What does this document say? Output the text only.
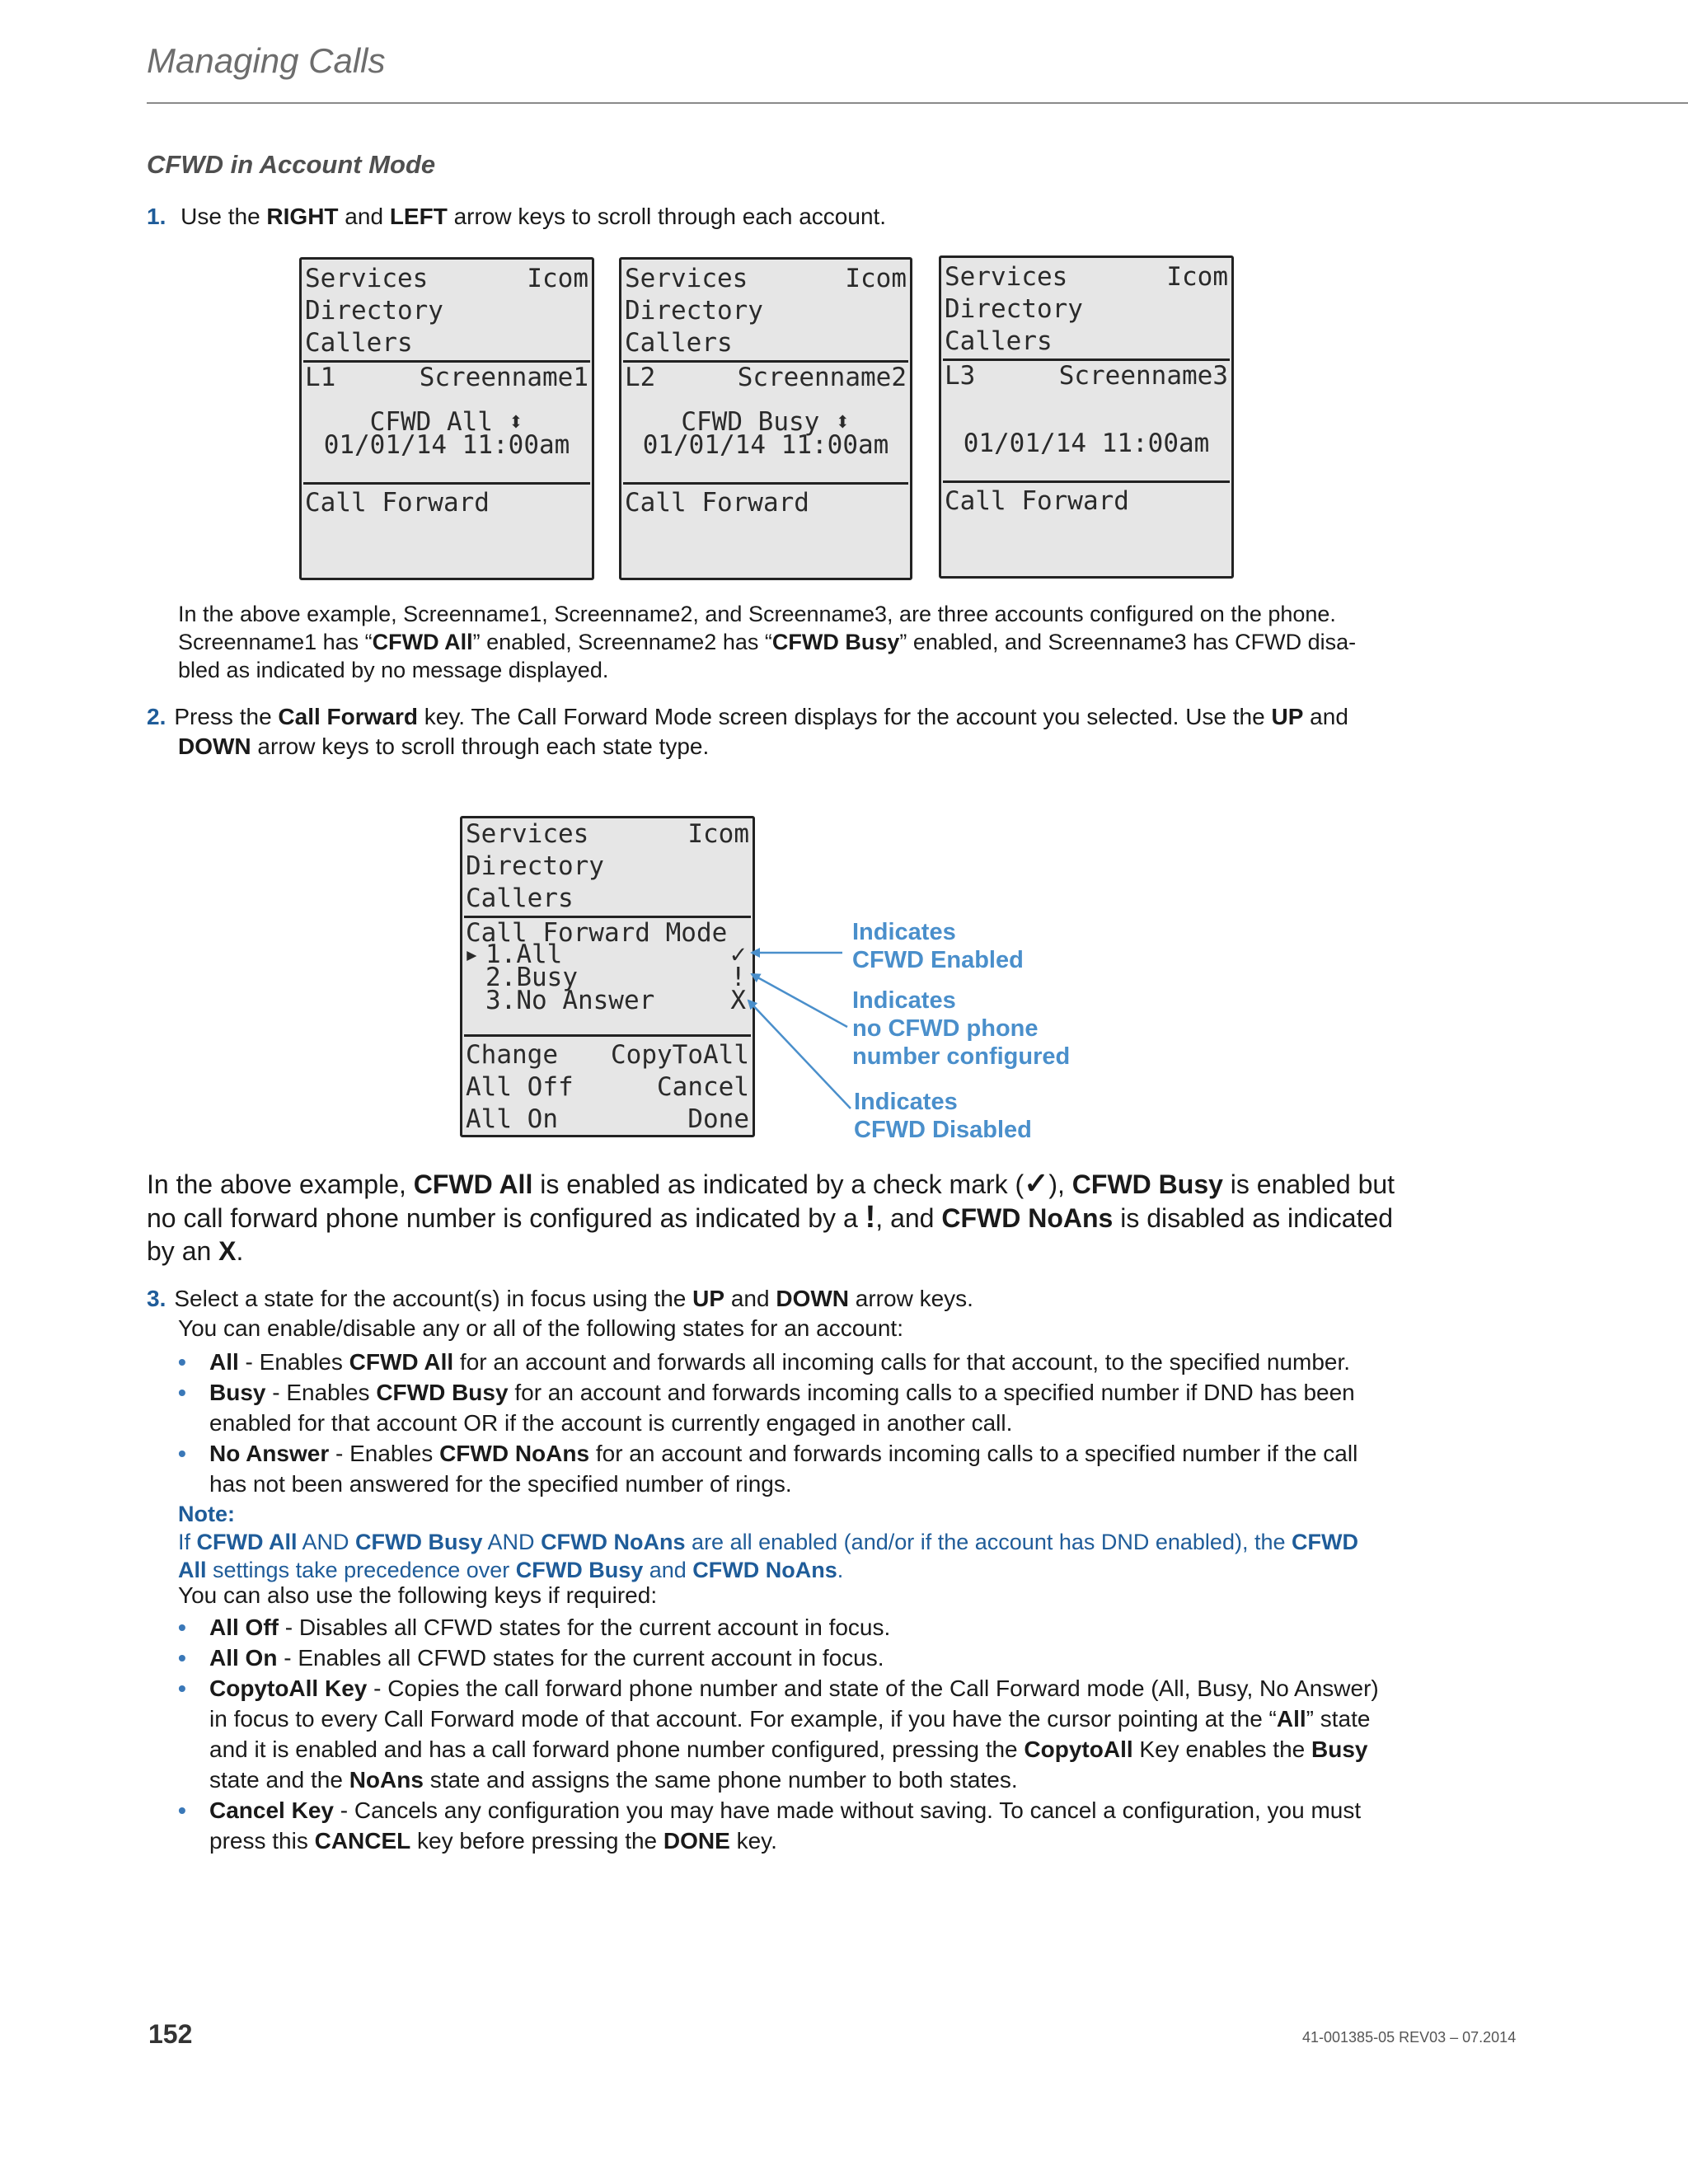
Managing Calls
CFWD in Account Mode
1. Use the RIGHT and LEFT arrow keys to scroll through each account.
Services	Icom
Directory
Callers
L1	Screenname1
CFWD All ⬍
01/01/14 11:00am
Call Forward
Services	Icom
Directory
Callers
L2	Screenname2
CFWD Busy ⬍
01/01/14 11:00am
Call Forward
Services	Icom
Directory
Callers
L3	Screenname3
01/01/14 11:00am
Call Forward
In the above example, Screenname1, Screenname2, and Screenname3, are three accounts configured on the phone.
Screenname1 has “CFWD All” enabled, Screenname2 has “CFWD Busy” enabled, and Screenname3 has CFWD disa-
bled as indicated by no message displayed.
2. Press the Call Forward key. The Call Forward Mode screen displays for the account you selected. Use the UP and
DOWN arrow keys to scroll through each state type.
Services	Icom
Directory
Callers
Call Forward Mode
▸ 1.All	✓
2.Busy	!
3.No Answer	X
Change	CopyToAll
All Off	Cancel
All On	Done
Indicates
CFWD Enabled
Indicates
no CFWD phone
number configured
Indicates
CFWD Disabled
In the above example, CFWD All is enabled as indicated by a check mark (✓), CFWD Busy is enabled but
no call forward phone number is configured as indicated by a !, and CFWD NoAns is disabled as indicated
by an X.
3. Select a state for the account(s) in focus using the UP and DOWN arrow keys.
You can enable/disable any or all of the following states for an account:
• All - Enables CFWD All for an account and forwards all incoming calls for that account, to the specified number.
• Busy - Enables CFWD Busy for an account and forwards incoming calls to a specified number if DND has been
enabled for that account OR if the account is currently engaged in another call.
• No Answer - Enables CFWD NoAns for an account and forwards incoming calls to a specified number if the call
has not been answered for the specified number of rings.
Note:
If CFWD All AND CFWD Busy AND CFWD NoAns are all enabled (and/or if the account has DND enabled), the CFWD
All settings take precedence over CFWD Busy and CFWD NoAns.
You can also use the following keys if required:
• All Off - Disables all CFWD states for the current account in focus.
• All On - Enables all CFWD states for the current account in focus.
• CopytoAll Key - Copies the call forward phone number and state of the Call Forward mode (All, Busy, No Answer)
in focus to every Call Forward mode of that account. For example, if you have the cursor pointing at the “All” state
and it is enabled and has a call forward phone number configured, pressing the CopytoAll Key enables the Busy
state and the NoAns state and assigns the same phone number to both states.
• Cancel Key - Cancels any configuration you may have made without saving. To cancel a configuration, you must
press this CANCEL key before pressing the DONE key.
152	41-001385-05 REV03 – 07.2014
